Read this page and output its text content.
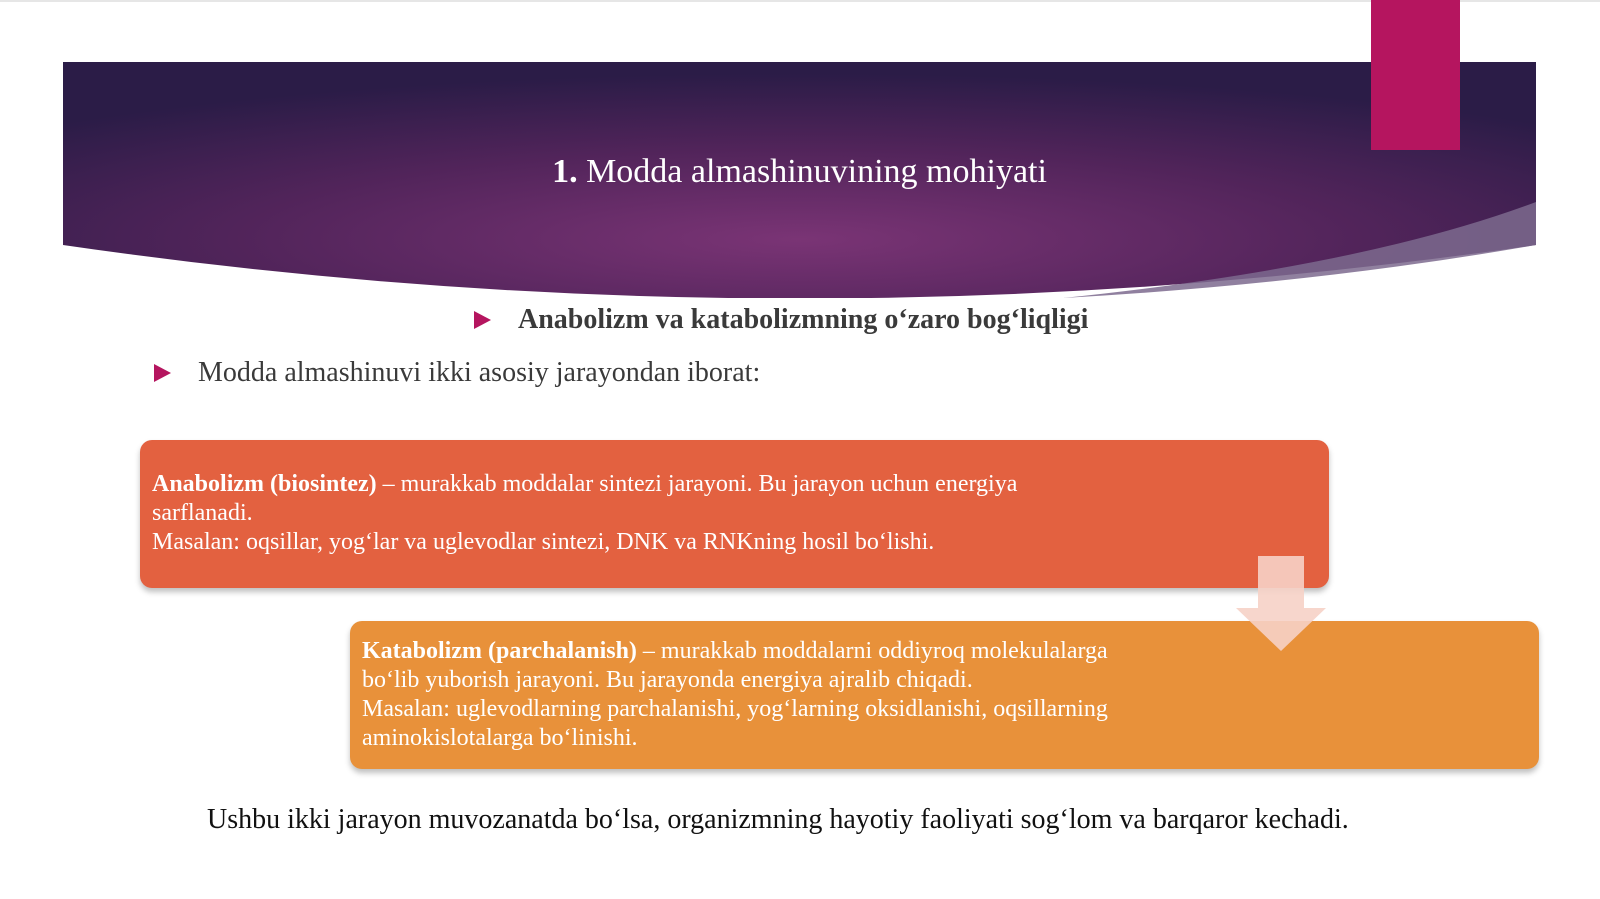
1. Modda almashinuvining mohiyati
Anabolizm va katabolizmning o‘zaro bog‘liqligi
Modda almashinuvi ikki asosiy jarayondan iborat:
Anabolizm (biosintez) – murakkab moddalar sintezi jarayoni. Bu jarayon uchun energiya
sarflanadi.
Masalan: oqsillar, yog‘lar va uglevodlar sintezi, DNK va RNKning hosil bo‘lishi.
Katabolizm (parchalanish) – murakkab moddalarni oddiyroq molekulalarga
bo‘lib yuborish jarayoni. Bu jarayonda energiya ajralib chiqadi.
Masalan: uglevodlarning parchalanishi, yog‘larning oksidlanishi, oqsillarning
aminokislotalarga bo‘linishi.
Ushbu ikki jarayon muvozanatda bo‘lsa, organizmning hayotiy faoliyati sog‘lom va barqaror kechadi.
